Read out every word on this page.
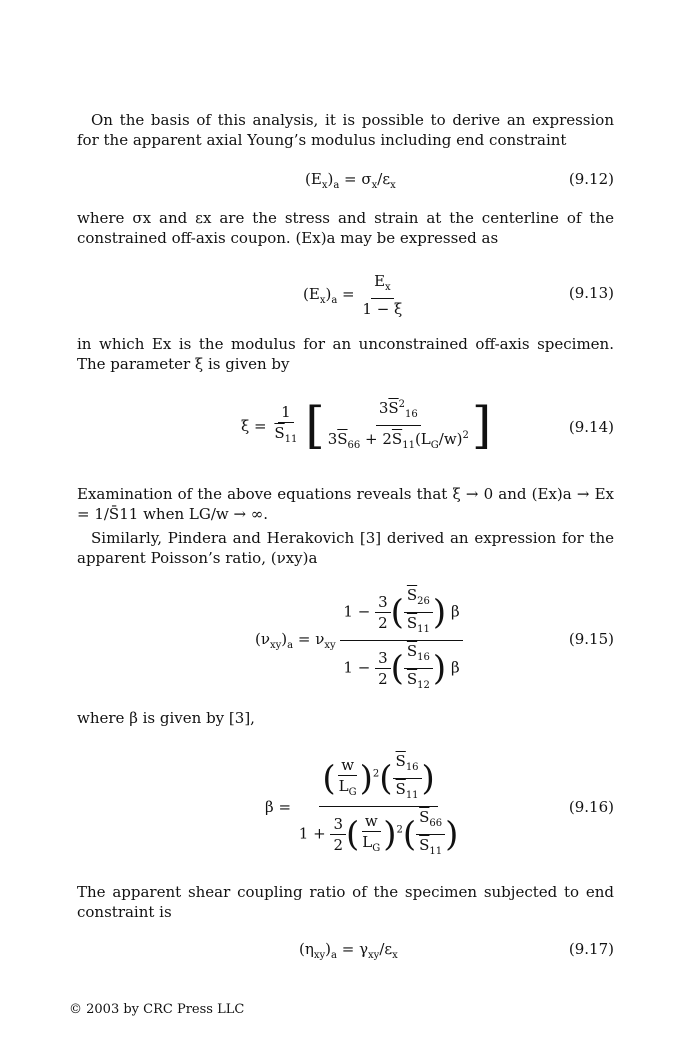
On the basis of this analysis, it is possible to derive an expression for the apparent axial Young’s modulus including end constraint

$(E_x)_a = \sigma_x/\varepsilon_x$	(9.12)

where σx and εx are the stress and strain at the centerline of the constrained off-axis coupon. (Ex)a may be expressed as

$(E_x)_a = \frac{E_x}{1 - \xi}$	(9.13)

in which Ex is the modulus for an unconstrained off-axis specimen. The parameter ξ is given by

$\xi = \frac{1}{\overline{S}_{11}}$ [ $\frac{3\overline{S}^2_{16}}{3\overline{S}_{66} + 2\overline{S}_{11}(L_G/w)^2}$ ]	(9.14)

Examination of the above equations reveals that ξ → 0 and (Ex)a → Ex = 1/S̄11 when LG/w → ∞.

Similarly, Pindera and Herakovich [3] derived an expression for the apparent Poisson’s ratio, (νxy)a

$(\nu_{xy})_a = \nu_{xy} \frac{1 - \frac{3}{2} ( \frac{\overline{S}_{26}}{\overline{S}_{11}} ) \beta}{1 - \frac{3}{2} ( \frac{\overline{S}_{16}}{\overline{S}_{12}} ) \beta}$	(9.15)

where β is given by [3],

$\beta = \frac{( \frac{w}{L_G} )^2( \frac{\overline{S}_{16}}{\overline{S}_{11}} )}{1 + \frac{3}{2} ( \frac{w}{L_G} )^2( \frac{\overline{S}_{66}}{\overline{S}_{11}} )}$	(9.16)

The apparent shear coupling ratio of the specimen subjected to end constraint is

$(\eta_{xy})_a = \gamma_{xy}/\varepsilon_x$	(9.17)
© 2003 by CRC Press LLC
